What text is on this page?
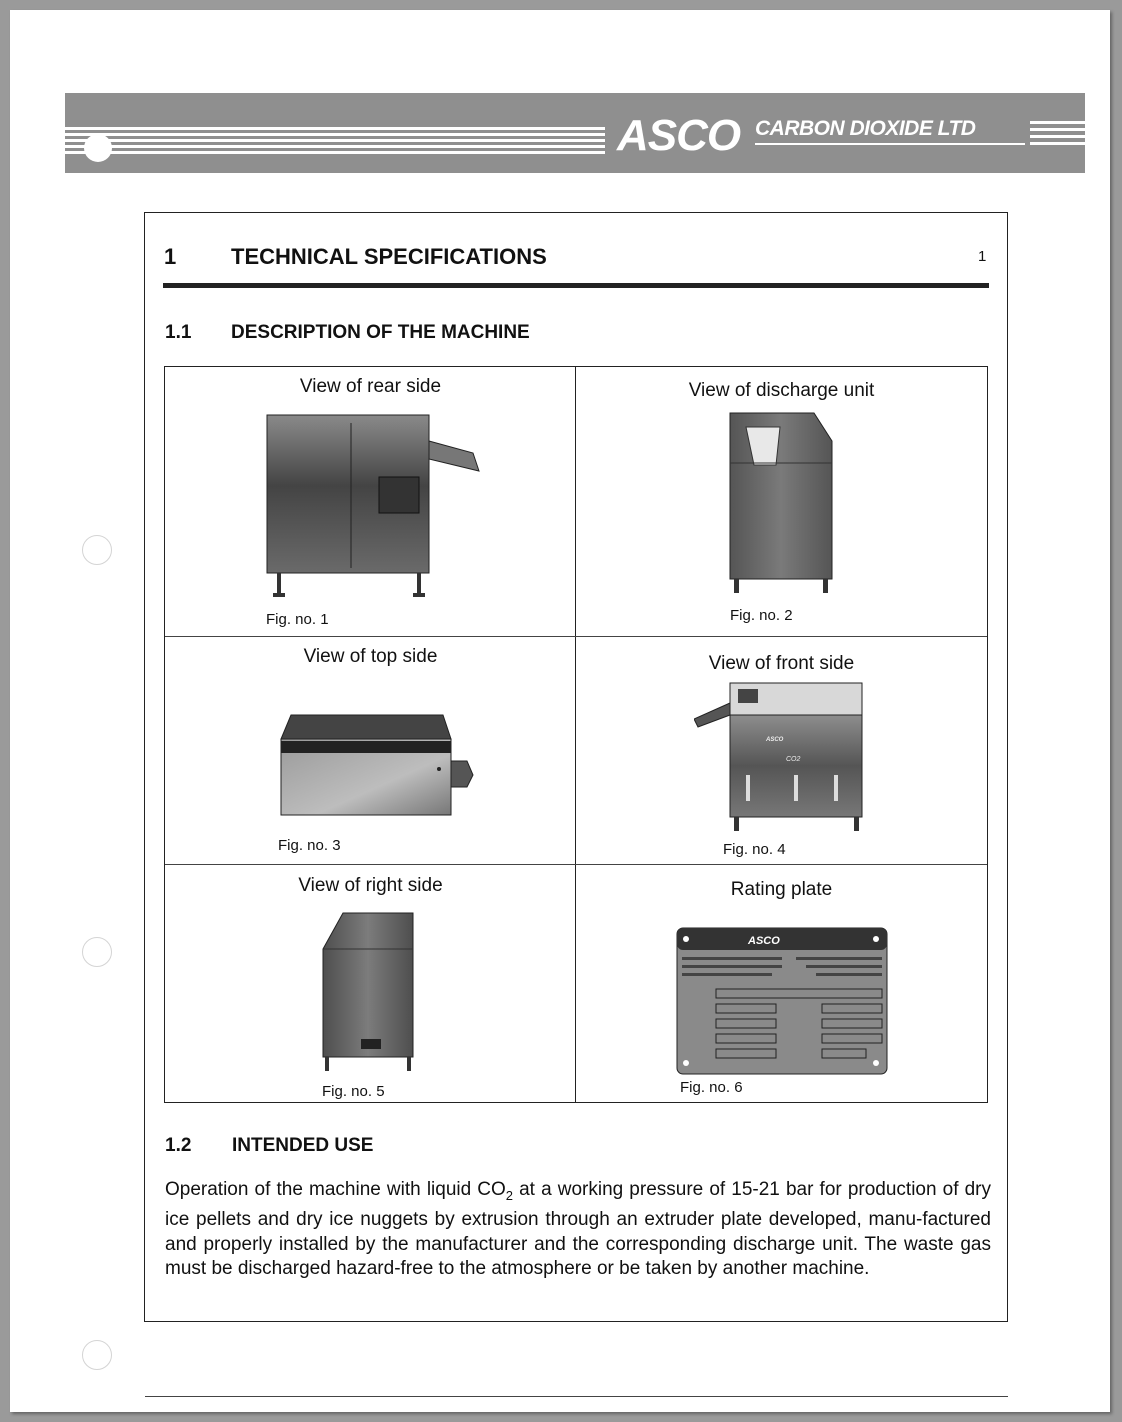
ASCO CARBON DIOXIDE LTD
1 TECHNICAL SPECIFICATIONS	1
1.1 DESCRIPTION OF THE MACHINE
View of rear side
Fig. no. 1
View of discharge unit
Fig. no. 2
View of top side
Fig. no. 3
View of front side
ASCO
CO2
Fig. no. 4
View of right side
Fig. no. 5
Rating plate
ASCO
Fig. no. 6
1.2 INTENDED USE
Operation of the machine with liquid $CO_2$ at a working pressure of 15-21 bar for production of dry ice pellets and dry ice nuggets by extrusion through an extruder plate developed, manu-factured and properly installed by the manufacturer and the corresponding discharge unit. The waste gas must be discharged hazard-free to the atmosphere or be taken by another machine.
